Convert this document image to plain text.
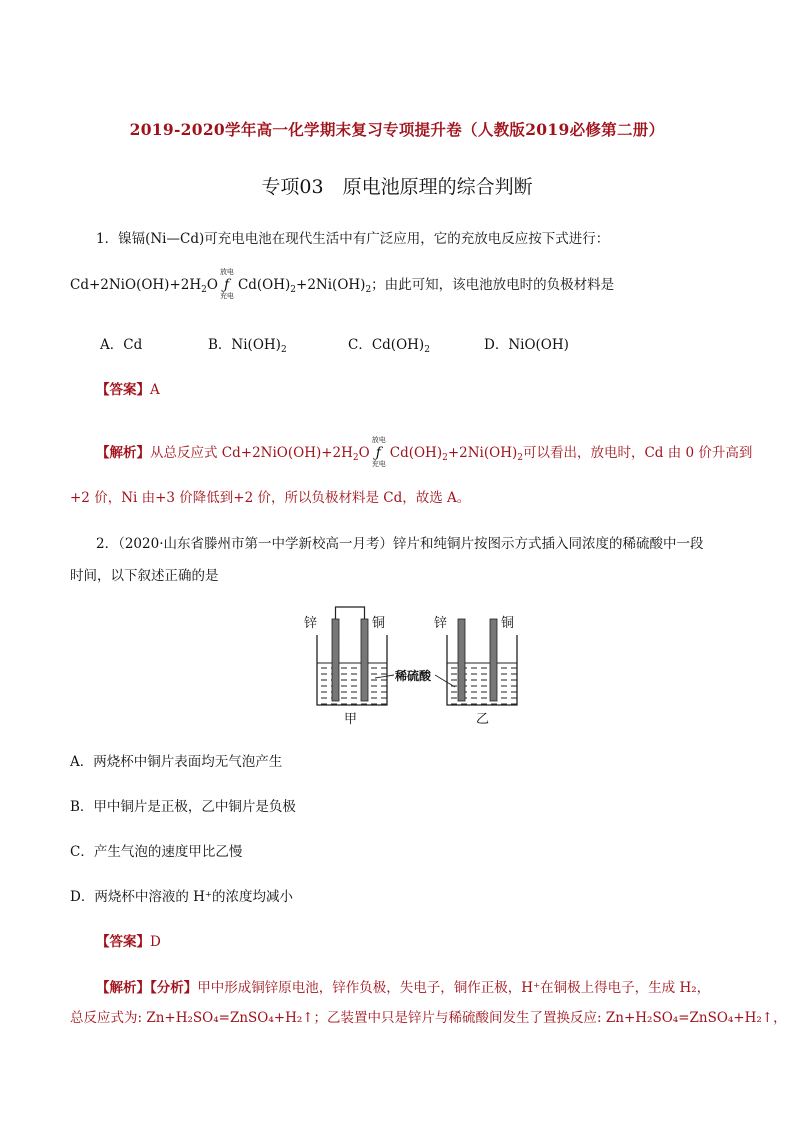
2019-2020学年高一化学期末复习专项提升卷（人教版2019必修第二册）
专项03　原电池原理的综合判断
1．镍镉(Ni—Cd)可充电电池在现代生活中有广泛应用，它的充放电反应按下式进行：
$Cd+2NiO(OH)+2H_2O$
放电
ƒ
充电
$Cd(OH)_2+2Ni(OH)_2$；由此可知，该电池放电时的负极材料是
A．Cd	B．$Ni(OH)_2$	C．$Cd(OH)_2$	D．NiO(OH)
【答案】A
【解析】从总反应式 $Cd+2NiO(OH)+2H_2O$
放电
ƒ
充电
$Cd(OH)_2+2Ni(OH)_2$可以看出，放电时，Cd 由 0 价升高到
+2 价，Ni 由+3 价降低到+2 价，所以负极材料是 Cd，故选 A。
2．（2020·山东省滕州市第一中学新校高一月考）锌片和纯铜片按图示方式插入同浓度的稀硫酸中一段
时间，以下叙述正确的是
锌	铜
甲
锌	铜
乙
稀硫酸
A．两烧杯中铜片表面均无气泡产生
B．甲中铜片是正极，乙中铜片是负极
C．产生气泡的速度甲比乙慢
D．两烧杯中溶液的 H⁺的浓度均减小
【答案】D
【解析】【分析】甲中形成铜锌原电池，锌作负极，失电子，铜作正极，H⁺在铜极上得电子，生成 H₂，
总反应式为: Zn+H₂SO₄=ZnSO₄+H₂↑；乙装置中只是锌片与稀硫酸间发生了置换反应: Zn+H₂SO₄=ZnSO₄+H₂↑，
